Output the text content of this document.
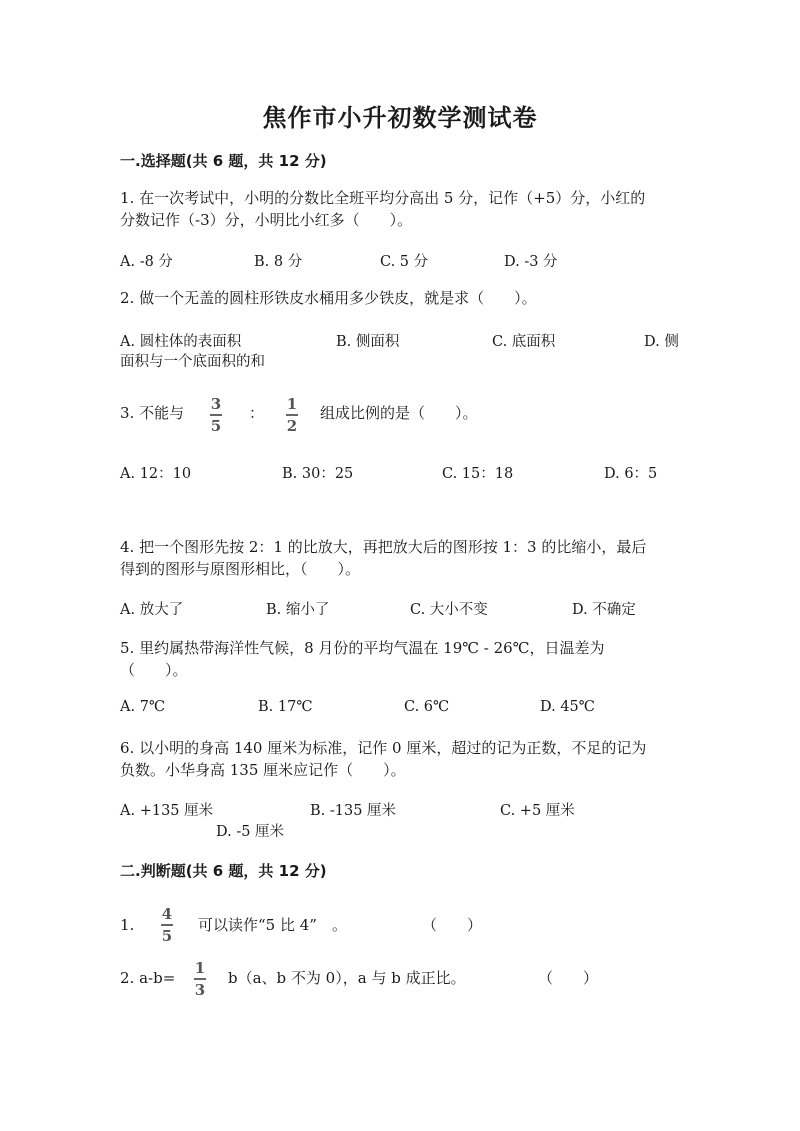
焦作市小升初数学测试卷
一.选择题(共 6 题，共 12 分)
1. 在一次考试中，小明的分数比全班平均分高出 5 分，记作（+5）分，小红的
分数记作（-3）分，小明比小红多（　　）。
A. -8 分	B. 8 分	C. 5 分	D. -3 分
2. 做一个无盖的圆柱形铁皮水桶用多少铁皮，就是求（　　）。
A. 圆柱体的表面积	B. 侧面积	C. 底面积	D. 侧
面积与一个底面积的和
3. 不能与 3
5
： 1
2
组成比例的是（　　）。
A. 12：10	B. 30：25	C. 15：18	D. 6：5
4. 把一个图形先按 2：1 的比放大，再把放大后的图形按 1：3 的比缩小，最后
得到的图形与原图形相比，（　　）。
A. 放大了	B. 缩小了	C. 大小不变	D. 不确定
5. 里约属热带海洋性气候，8 月份的平均气温在 19℃ - 26℃，日温差为
（　　）。
A. 7℃	B. 17℃	C. 6℃	D. 45℃
6. 以小明的身高 140 厘米为标准，记作 0 厘米，超过的记为正数，不足的记为
负数。小华身高 135 厘米应记作（　　）。
A. +135 厘米	B. -135 厘米	C. +5 厘米
D. -5 厘米
二.判断题(共 6 题，共 12 分)
1.
4
5
可以读作“5 比 4”　。	（　　）
2. a-b=
1
3
b（a、b 不为 0），a 与 b 成正比。	（　　）
